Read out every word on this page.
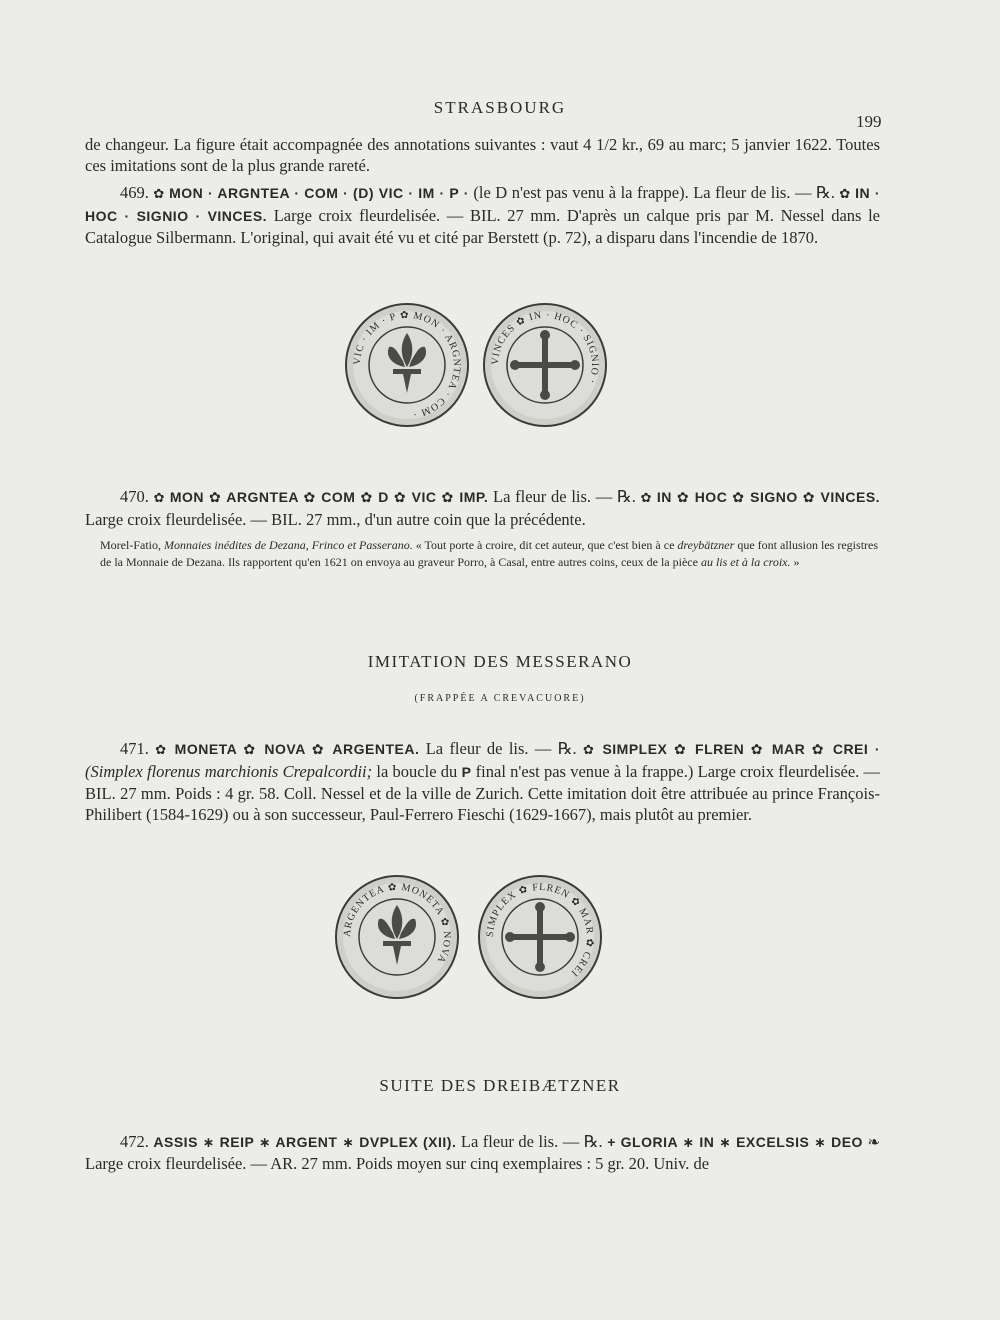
STRASBOURG
199
de changeur. La figure était accompagnée des annotations suivantes : vaut 4 1/2 kr., 69 au marc; 5 janvier 1622. Toutes ces imitations sont de la plus grande rareté.
469. ✿ MON · ARGNTEA · COM · (D) VIC · IM · P · (le D n'est pas venu à la frappe). La fleur de lis. — ℞. ✿ IN · HOC · SIGNIO · VINCES. Large croix fleurdelisée. — BIL. 27 mm. D'après un calque pris par M. Nessel dans le Catalogue Silbermann. L'original, qui avait été vu et cité par Berstett (p. 72), a disparu dans l'incendie de 1870.
VIC · IM · P ✿ MON · ARGNTEA · COM ·
VINCES ✿ IN · HOC · SIGNIO ·
470. ✿ MON ✿ ARGNTEA ✿ COM ✿ D ✿ VIC ✿ IMP. La fleur de lis. — ℞. ✿ IN ✿ HOC ✿ SIGNO ✿ VINCES. Large croix fleurdelisée. — BIL. 27 mm., d'un autre coin que la précédente.
Morel-Fatio, Monnaies inédites de Dezana, Frinco et Passerano. « Tout porte à croire, dit cet auteur, que c'est bien à ce dreybätzner que font allusion les registres de la Monnaie de Dezana. Ils rapportent qu'en 1621 on envoya au graveur Porro, à Casal, entre autres coins, ceux de la pièce au lis et à la croix. »
IMITATION DES MESSERANO
(FRAPPÉE A CREVACUORE)
471. ✿ MONETA ✿ NOVA ✿ ARGENTEA. La fleur de lis. — ℞. ✿ SIMPLEX ✿ FLREN ✿ MAR ✿ CREI · (Simplex florenus marchionis Crepalcordii; la boucle du P final n'est pas venue à la frappe.) Large croix fleurdelisée. — BIL. 27 mm. Poids : 4 gr. 58. Coll. Nessel et de la ville de Zurich. Cette imitation doit être attribuée au prince François-Philibert (1584-1629) ou à son successeur, Paul-Ferrero Fieschi (1629-1667), mais plutôt au premier.
ARGENTEA ✿ MONETA ✿ NOVA
SIMPLEX ✿ FLREN ✿ MAR ✿ CREI
SUITE DES DREIBÆTZNER
472. ASSIS ∗ REIP ∗ ARGENT ∗ DVPLEX (XII). La fleur de lis. — ℞. + GLORIA ∗ IN ∗ EXCELSIS ∗ DEO ❧ Large croix fleurdelisée. — AR. 27 mm. Poids moyen sur cinq exemplaires : 5 gr. 20. Univ. de
